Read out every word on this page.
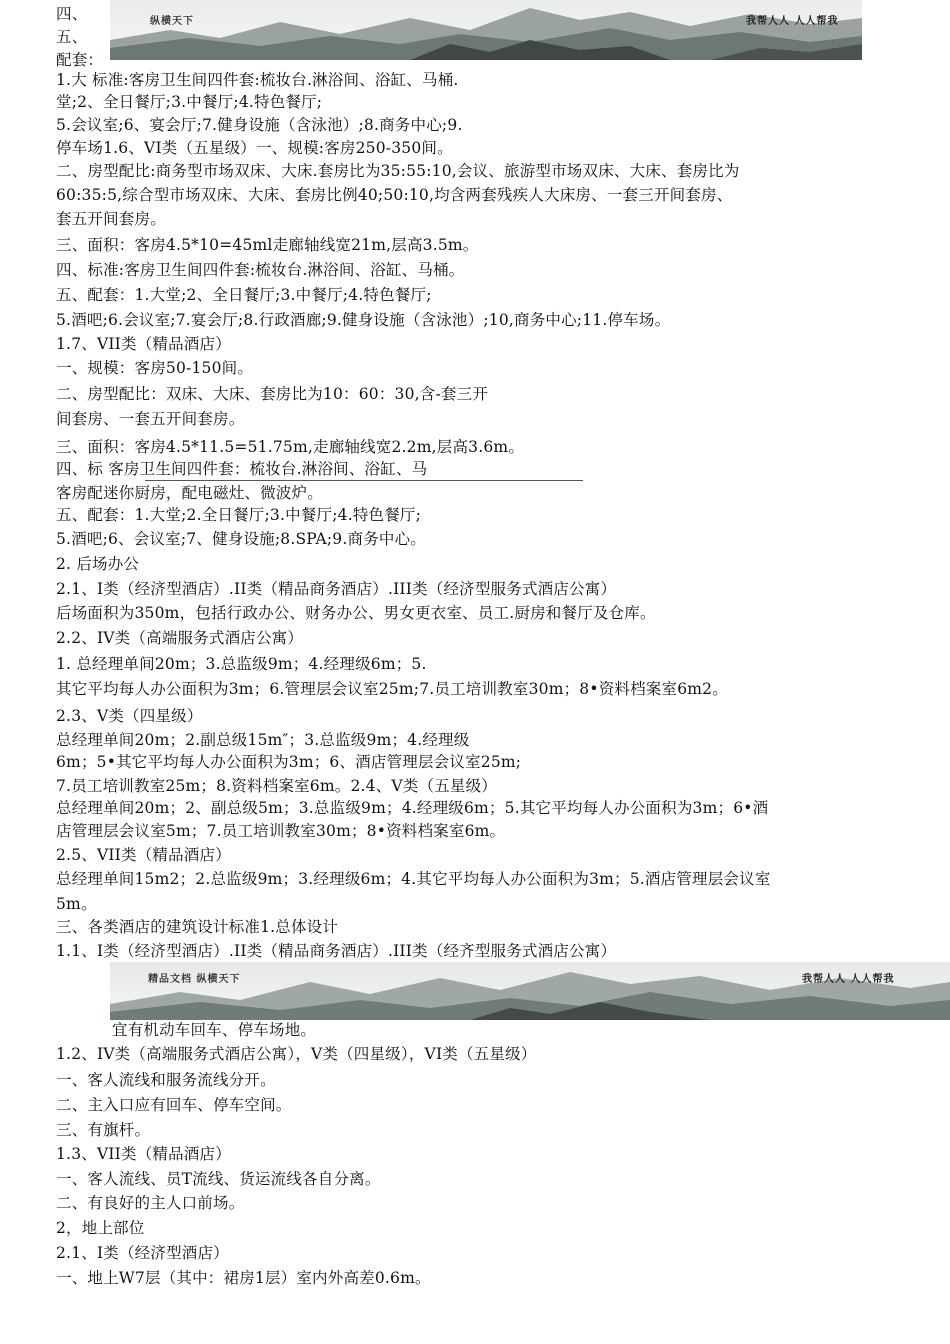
纵横天下	我帮人人 人人帮我
精品文档 纵横天下	我帮人人 人人帮我
四、
五、
配套：
1.大 标准:客房卫生间四件套:梳妆台.淋浴间、浴缸、马桶.
堂;2、全日餐厅;3.中餐厅;4.特色餐厅;
5.会议室;6、宴会厅;7.健身设施（含泳池）;8.商务中心;9.
停车场1.6、VI类（五星级）一、规模:客房250-350间。
二、房型配比:商务型市场双床、大床.套房比为35:55:10,会议、旅游型市场双床、大床、套房比为
60:35:5,综合型市场双床、大床、套房比例40;50:10,均含两套残疾人大床房、一套三开间套房、
套五开间套房。
三、面积：客房4.5*10=45ml走廊轴线宽21m,层高3.5m。
四、标准:客房卫生间四件套:梳妆台.淋浴间、浴缸、马桶。
五、配套：1.大堂;2、全日餐厅;3.中餐厅;4.特色餐厅;
5.酒吧;6.会议室;7.宴会厅;8.行政酒廊;9.健身设施（含泳池）;10,商务中心;11.停车场。
1.7、VII类（精品酒店）
一、规模：客房50-150间。
二、房型配比：双床、大床、套房比为10：60：30,含-套三开
间套房、一套五开间套房。
三、面积：客房4.5*11.5=51.75m,走廊轴线宽2.2m,层高3.6m。
四、标 客房卫生间四件套：梳妆台.淋浴间、浴缸、马
客房配迷你厨房，配电磁灶、微波炉。
五、配套：1.大堂;2.全日餐厅;3.中餐厅;4.特色餐厅;
5.酒吧;6、会议室;7、健身设施;8.SPA;9.商务中心。
2. 后场办公
2.1、I类（经济型酒店）.II类（精品商务酒店）.III类（经济型服务式酒店公寓）
后场面积为350m，包括行政办公、财务办公、男女更衣室、员工.厨房和餐厅及仓库。
2.2、IV类（高端服务式酒店公寓）
1. 总经理单间20m；3.总监级9m；4.经理级6m；5.
其它平均每人办公面积为3m；6.管理层会议室25m;7.员工培训教室30m；8•资料档案室6m2。
2.3、V类（四星级）
总经理单间20m；2.副总级15m″；3.总监级9m；4.经理级
6m；5•其它平均每人办公面积为3m；6、酒店管理层会议室25m;
7.员工培训教室25m；8.资料档案室6m。2.4、V类（五星级）
总经理单间20m；2、副总级5m；3.总监级9m；4.经理级6m；5.其它平均每人办公面积为3m；6•酒
店管理层会议室5m；7.员工培训教室30m；8•资料档案室6m。
2.5、VII类（精品酒店）
总经理单间15m2；2.总监级9m；3.经理级6m；4.其它平均每人办公面积为3m；5.酒店管理层会议室
5m。
三、各类酒店的建筑设计标准1.总体设计
1.1、I类（经济型酒店）.II类（精品商务酒店）.III类（经齐型服务式酒店公寓）
宜有机动车回车、停车场地。
1.2、IV类（高端服务式酒店公寓），V类（四星级），VI类（五星级）
一、客人流线和服务流线分开。
二、主入口应有回车、停车空间。
三、有旗杆。
1.3、VII类（精品酒店）
一、客人流线、员T流线、货运流线各自分离。
二、有良好的主人口前场。
2，地上部位
2.1、I类（经济型酒店）
一、地上W7层（其中：裙房1层）室内外高差0.6m。
